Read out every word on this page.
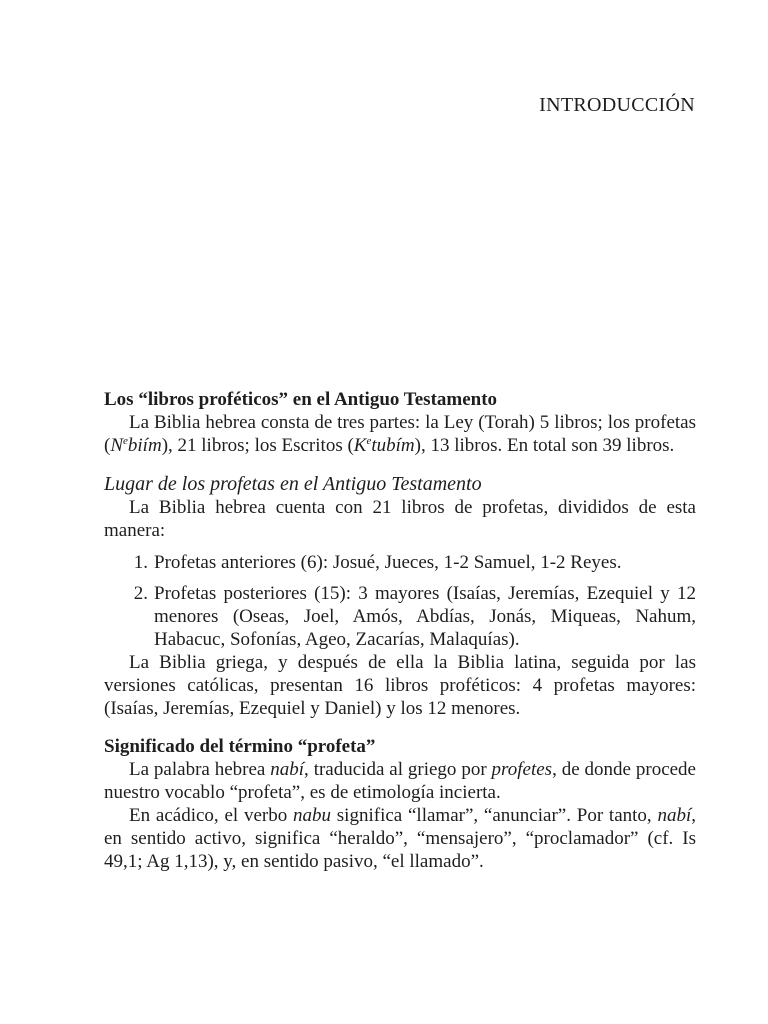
INTRODUCCIÓN
Los “libros proféticos” en el Antiguo Testamento

La Biblia hebrea consta de tres partes: la Ley (Torah) 5 libros; los profetas $(N^ebiím)$, 21 libros; los Escritos $(K^etubím)$, 13 libros. En total son 39 libros.

Lugar de los profetas en el Antiguo Testamento

La Biblia hebrea cuenta con 21 libros de profetas, divididos de esta manera:

1. Profetas anteriores (6): Josué, Jueces, 1-2 Samuel, 1-2 Reyes.
2. Profetas posteriores (15): 3 mayores (Isaías, Jeremías, Ezequiel y 12 menores (Oseas, Joel, Amós, Abdías, Jonás, Miqueas, Nahum, Habacuc, Sofonías, Ageo, Zacarías, Malaquías).

La Biblia griega, y después de ella la Biblia latina, seguida por las versiones católicas, presentan 16 libros proféticos: 4 profetas mayores: (Isaías, Jeremías, Ezequiel y Daniel) y los 12 menores.

Significado del término “profeta”

La palabra hebrea nabí, traducida al griego por profetes, de donde procede nuestro vocablo “profeta”, es de etimología incierta.

En acádico, el verbo nabu significa “llamar”, “anunciar”. Por tanto, nabí, en sentido activo, significa “heraldo”, “mensajero”, “proclamador” (cf. Is 49,1; Ag 1,13), y, en sentido pasivo, “el llamado”.
